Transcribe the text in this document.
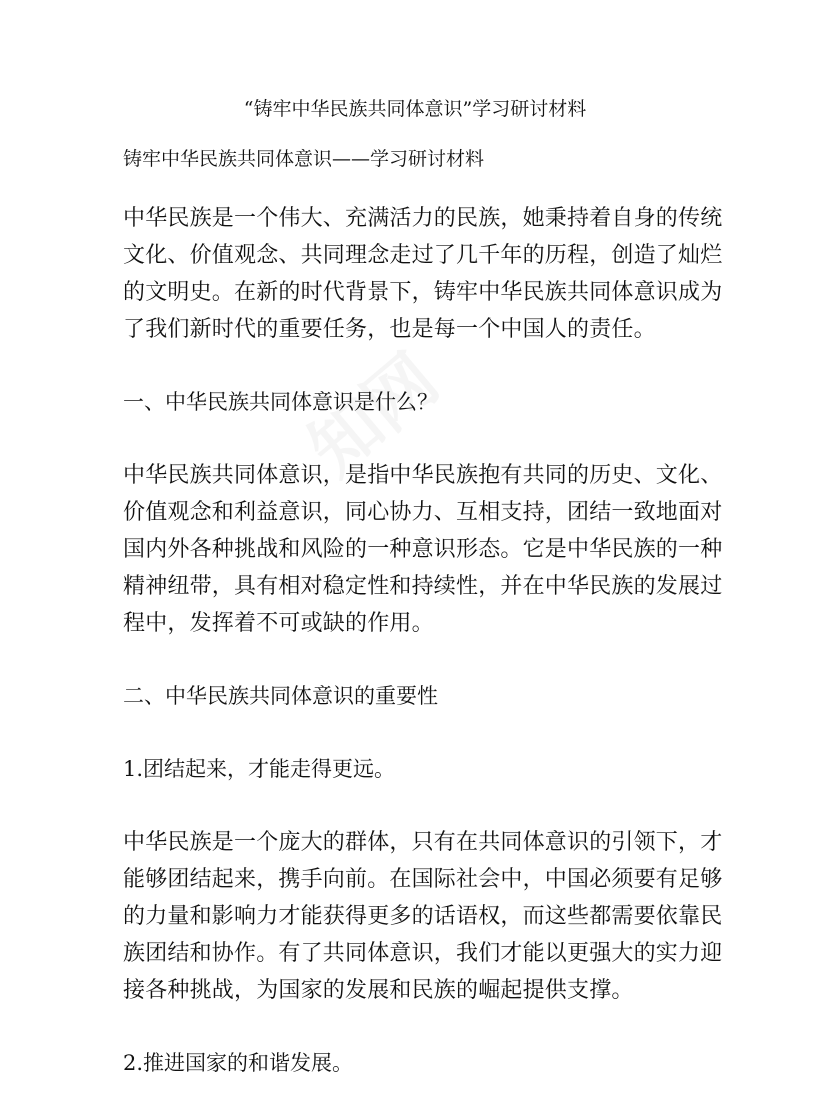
“铸牢中华民族共同体意识”学习研讨材料
铸牢中华民族共同体意识——学习研讨材料
中华民族是一个伟大、充满活力的民族，她秉持着自身的传统
文化、价值观念、共同理念走过了几千年的历程，创造了灿烂
的文明史。在新的时代背景下，铸牢中华民族共同体意识成为
了我们新时代的重要任务，也是每一个中国人的责任。
一、中华民族共同体意识是什么？
中华民族共同体意识，是指中华民族抱有共同的历史、文化、
价值观念和利益意识，同心协力、互相支持，团结一致地面对
国内外各种挑战和风险的一种意识形态。它是中华民族的一种
精神纽带，具有相对稳定性和持续性，并在中华民族的发展过
程中，发挥着不可或缺的作用。
二、中华民族共同体意识的重要性
1.团结起来，才能走得更远。
中华民族是一个庞大的群体，只有在共同体意识的引领下，才
能够团结起来，携手向前。在国际社会中，中国必须要有足够
的力量和影响力才能获得更多的话语权，而这些都需要依靠民
族团结和协作。有了共同体意识，我们才能以更强大的实力迎
接各种挑战，为国家的发展和民族的崛起提供支撑。
2.推进国家的和谐发展。
